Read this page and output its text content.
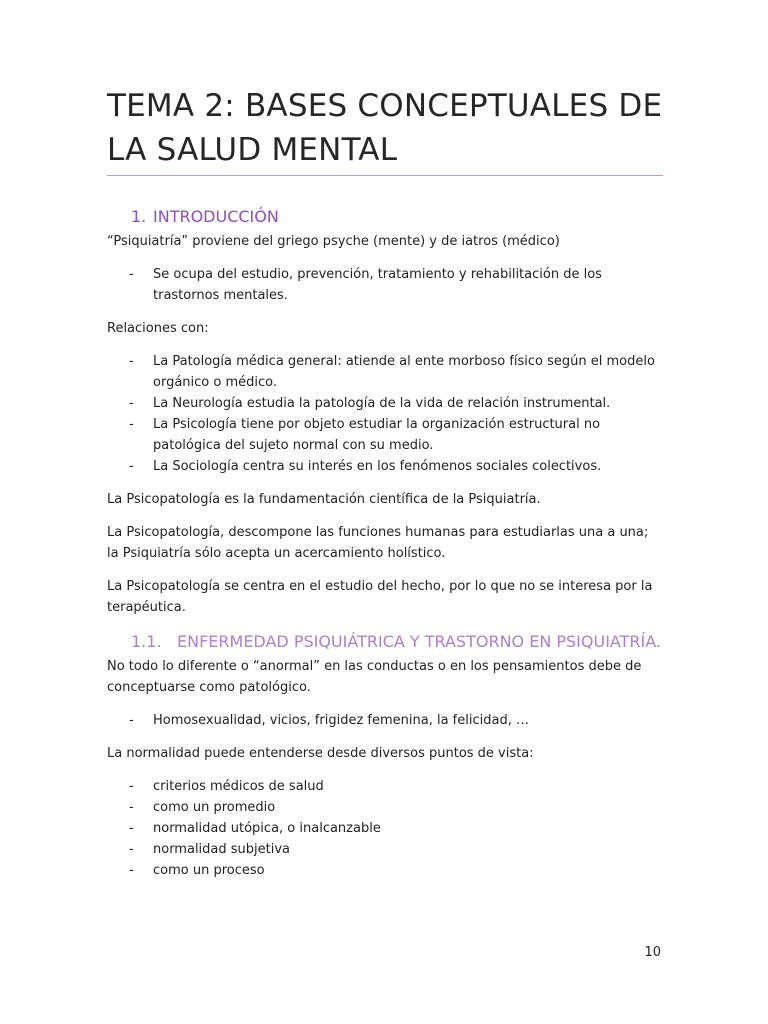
TEMA 2: BASES CONCEPTUALES DE LA SALUD MENTAL
1. INTRODUCCIÓN

“Psiquiatría” proviene del griego psyche (mente) y de iatros (médico)

-	Se ocupa del estudio, prevención, tratamiento y rehabilitación de los trastornos mentales.

Relaciones con:

-	La Patología médica general: atiende al ente morboso físico según el modelo orgánico o médico.
-	La Neurología estudia la patología de la vida de relación instrumental.
-	La Psicología tiene por objeto estudiar la organización estructural no patológica del sujeto normal con su medio.
-	La Sociología centra su interés en los fenómenos sociales colectivos.

La Psicopatología es la fundamentación científica de la Psiquiatría.

La Psicopatología, descompone las funciones humanas para estudiarlas una a una; la Psiquiatría sólo acepta un acercamiento holístico.

La Psicopatología se centra en el estudio del hecho, por lo que no se interesa por la terapéutica.

1.1. ENFERMEDAD PSIQUIÁTRICA Y TRASTORNO EN PSIQUIATRÍA.

No todo lo diferente o “anormal” en las conductas o en los pensamientos debe de conceptuarse como patológico.

-	Homosexualidad, vicios, frigidez femenina, la felicidad, …

La normalidad puede entenderse desde diversos puntos de vista:

-	criterios médicos de salud
-	como un promedio
-	normalidad utópica, o inalcanzable
-	normalidad subjetiva
-	como un proceso
10
